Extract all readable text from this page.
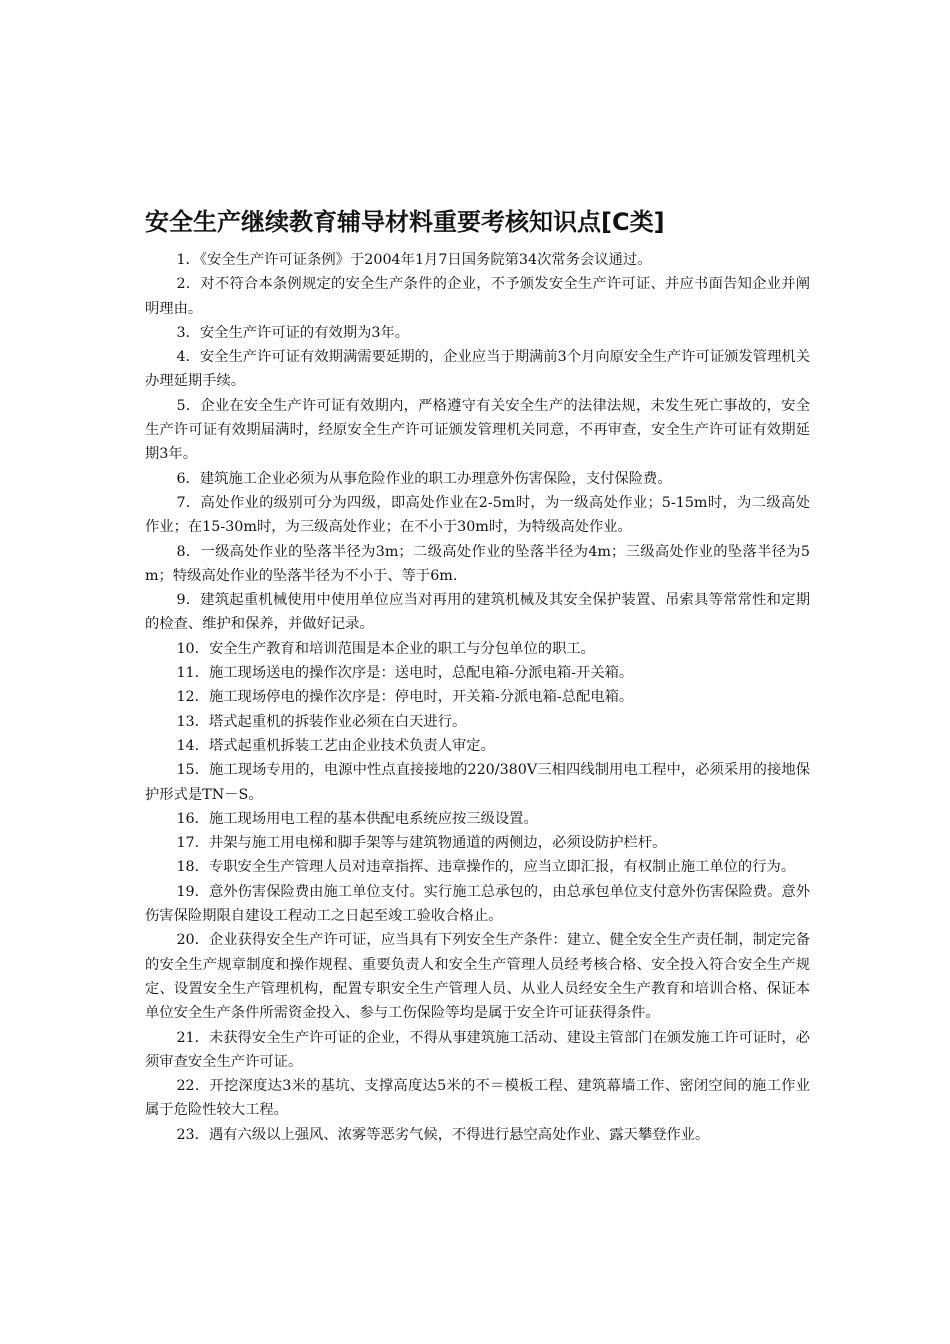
安全生产继续教育辅导材料重要考核知识点[C类]
1．《安全生产许可证条例》于2004年1月7日国务院第34次常务会议通过。
2．对不符合本条例规定的安全生产条件的企业，不予颁发安全生产许可证、并应书面告知企业并阐明理由。
3．安全生产许可证的有效期为3年。
4．安全生产许可证有效期满需要延期的，企业应当于期满前3个月向原安全生产许可证颁发管理机关办理延期手续。
5．企业在安全生产许可证有效期内，严格遵守有关安全生产的法律法规，未发生死亡事故的，安全生产许可证有效期届满时，经原安全生产许可证颁发管理机关同意，不再审查，安全生产许可证有效期延期3年。
6．建筑施工企业必须为从事危险作业的职工办理意外伤害保险，支付保险费。
7．高处作业的级别可分为四级，即高处作业在2-5m时，为一级高处作业；5-15m时，为二级高处作业；在15-30m时，为三级高处作业；在不小于30m时，为特级高处作业。
8．一级高处作业的坠落半径为3m；二级高处作业的坠落半径为4m；三级高处作业的坠落半径为5m；特级高处作业的坠落半径为不小于、等于6m.
9．建筑起重机械使用中使用单位应当对再用的建筑机械及其安全保护装置、吊索具等常常性和定期的检查、维护和保养，并做好记录。
10．安全生产教育和培训范围是本企业的职工与分包单位的职工。
11．施工现场送电的操作次序是：送电时，总配电箱-分派电箱-开关箱。
12．施工现场停电的操作次序是：停电时，开关箱-分派电箱-总配电箱。
13．塔式起重机的拆装作业必须在白天进行。
14．塔式起重机拆装工艺由企业技术负责人审定。
15．施工现场专用的，电源中性点直接接地的220/380V三相四线制用电工程中，必须采用的接地保护形式是TN－S。
16．施工现场用电工程的基本供配电系统应按三级设置。
17．井架与施工用电梯和脚手架等与建筑物通道的两侧边，必须设防护栏杆。
18．专职安全生产管理人员对违章指挥、违章操作的，应当立即汇报，有权制止施工单位的行为。
19．意外伤害保险费由施工单位支付。实行施工总承包的，由总承包单位支付意外伤害保险费。意外伤害保险期限自建设工程动工之日起至竣工验收合格止。
20．企业获得安全生产许可证，应当具有下列安全生产条件：建立、健全安全生产责任制，制定完备的安全生产规章制度和操作规程、重要负责人和安全生产管理人员经考核合格、安全投入符合安全生产规定、设置安全生产管理机构，配置专职安全生产管理人员、从业人员经安全生产教育和培训合格、保证本单位安全生产条件所需资金投入、参与工伤保险等均是属于安全许可证获得条件。
21．未获得安全生产许可证的企业，不得从事建筑施工活动、建设主管部门在颁发施工许可证时，必须审查安全生产许可证。
22．开挖深度达3米的基坑、支撑高度达5米的不＝模板工程、建筑幕墙工作、密闭空间的施工作业属于危险性较大工程。
23．遇有六级以上强风、浓雾等恶劣气候，不得进行悬空高处作业、露天攀登作业。
